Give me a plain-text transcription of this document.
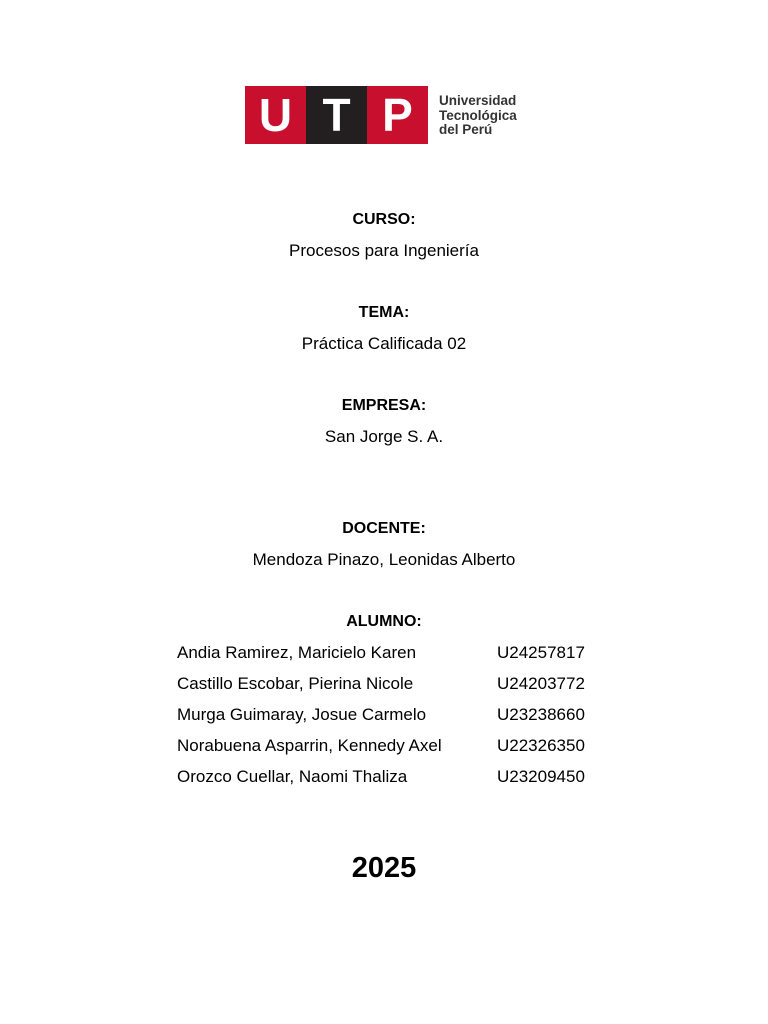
U T P	Universidad
Tecnológica
del Perú
CURSO:
Procesos para Ingeniería
TEMA:
Práctica Calificada 02
EMPRESA:
San Jorge S. A.
DOCENTE:
Mendoza Pinazo, Leonidas Alberto
ALUMNO:
Andia Ramirez, Maricielo Karen	U24257817
Castillo Escobar, Pierina Nicole	U24203772
Murga Guimaray, Josue Carmelo	U23238660
Norabuena Asparrin, Kennedy Axel	U22326350
Orozco Cuellar, Naomi Thaliza	U23209450
2025
